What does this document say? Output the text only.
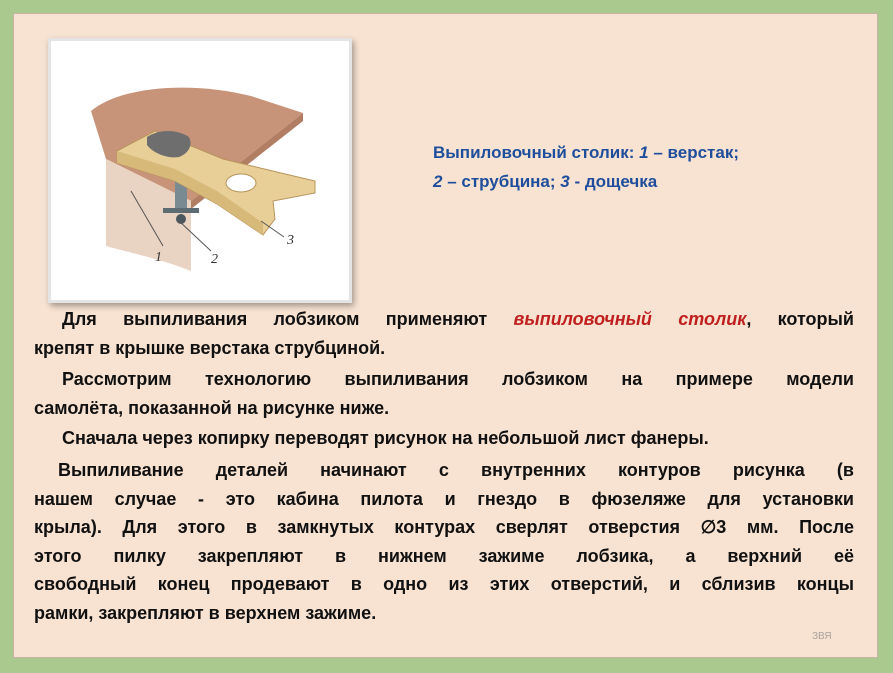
1	2
3
Выпиловочный столик: 1 – верстак;
2 – струбцина; 3 - дощечка
Для выпиливания лобзиком применяют выпиловочный столик, который
крепят в крышке верстака струбциной.
Рассмотрим технологию выпиливания лобзиком на примере модели
самолёта, показанной на рисунке ниже.
Сначала через копирку переводят рисунок на небольшой лист фанеры.
Выпиливание деталей начинают с внутренних контуров рисунка (в
нашем случае - это кабина пилота и гнездо в фюзеляже для установки
крыла). Для этого в замкнутых контурах сверлят отверстия ∅3 мм. После
этого пилку закрепляют в нижнем зажиме лобзика, а верхний её
свободный конец продевают в одно из этих отверстий, и сблизив концы
рамки, закрепляют в верхнем зажиме.
ЗВЯ
